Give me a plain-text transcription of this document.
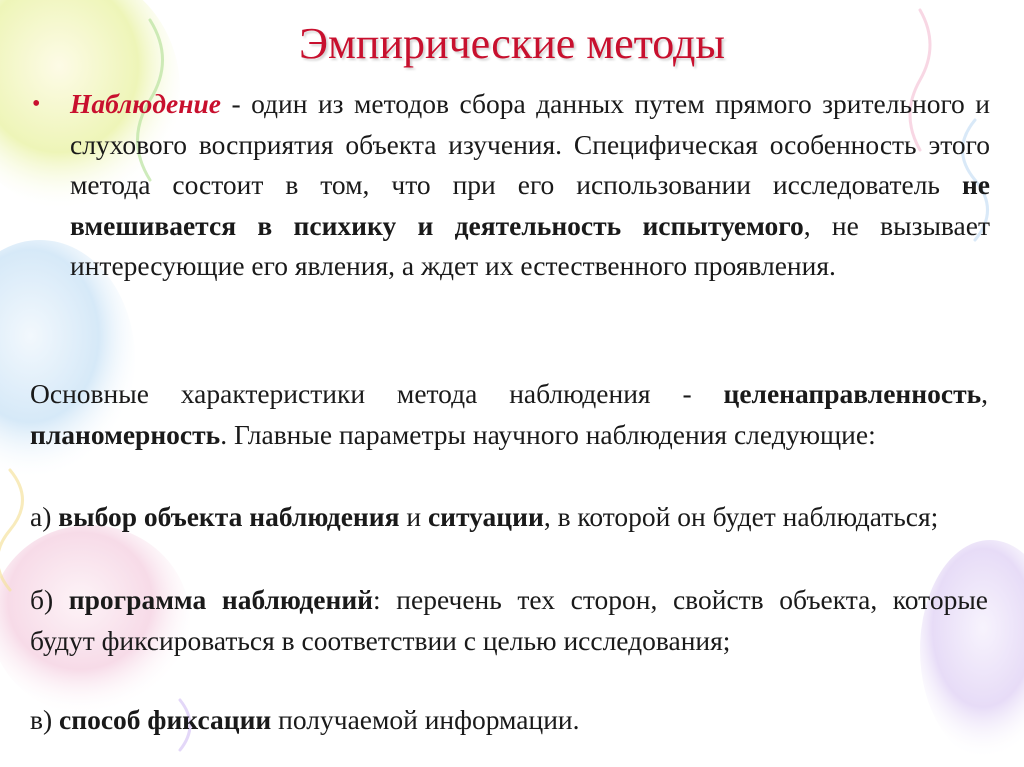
Эмпирические методы
• Наблюдение - один из методов сбора данных путем прямого зрительного и слухового восприятия объекта изучения. Специфическая особенность этого метода состоит в том, что при его использовании исследователь не вмешивается в психику и деятельность испытуемого, не вызывает интересующие его явления, а ждет их естественного проявления.
Основные характеристики метода наблюдения - целенаправленность, планомерность. Главные параметры научного наблюдения следующие:
а) выбор объекта наблюдения и ситуации, в которой он будет наблюдаться;
б) программа наблюдений: перечень тех сторон, свойств объекта, которые будут фиксироваться в соответствии с целью исследования;
в) способ фиксации получаемой информации.
